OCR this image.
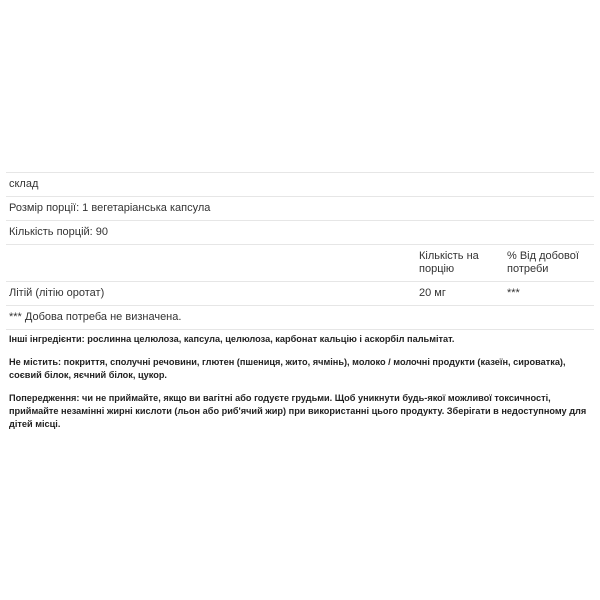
склад
Розмір порції: 1 вегетаріанська капсула
Кількість порцій: 90
Кількість на порцію
% Від добової потреби
Літій (літію оротат)	20 мг	***
*** Добова потреба не визначена.

Інші інгредієнти: рослинна целюлоза, капсула, целюлоза, карбонат кальцію і аскорбіл пальмітат.

Не містить: покриття, сполучні речовини, глютен (пшениця, жито, ячмінь), молоко / молочні продукти (казеїн, сироватка), соєвий білок, яєчний білок, цукор.

Попередження: чи не приймайте, якщо ви вагітні або годуєте грудьми. Щоб уникнути будь-якої можливої токсичності, приймайте незамінні жирні кислоти (льон або риб'ячий жир) при використанні цього продукту. Зберігати в недоступному для дітей місці.
